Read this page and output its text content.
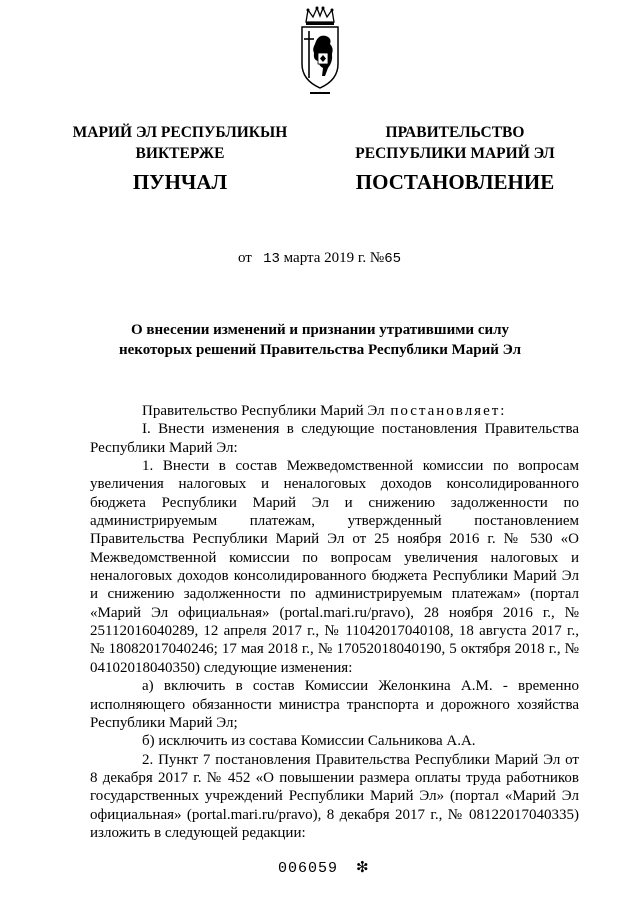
МАРИЙ ЭЛ РЕСПУБЛИКЫН
ВИКТЕРЖЕ
ПРАВИТЕЛЬСТВО
РЕСПУБЛИКИ МАРИЙ ЭЛ
ПУНЧАЛ	ПОСТАНОВЛЕНИЕ
от 13 марта 2019 г. №65
О внесении изменений и признании утратившими силу
некоторых решений Правительства Республики Марий Эл

Правительство Республики Марий Эл постановляет:

I. Внести изменения в следующие постановления Правительства Республики Марий Эл:

1. Внести в состав Межведомственной комиссии по вопросам увеличения налоговых и неналоговых доходов консолидированного бюджета Республики Марий Эл и снижению задолженности по администрируемым платежам, утвержденный постановлением Правительства Республики Марий Эл от 25 ноября 2016 г. № 530 «О Межведомственной комиссии по вопросам увеличения налоговых и неналоговых доходов консолидированного бюджета Республики Марий Эл и снижению задолженности по администрируемым платежам» (портал «Марий Эл официальная» (portal.mari.ru/pravo), 28 ноября 2016 г., № 25112016040289, 12 апреля 2017 г., № 11042017040108, 18 августа 2017 г., № 18082017040246; 17 мая 2018 г., № 17052018040190, 5 октября 2018 г., № 04102018040350) следующие изменения:

а) включить в состав Комиссии Желонкина А.М. - временно исполняющего обязанности министра транспорта и дорожного хозяйства Республики Марий Эл;

б) исключить из состава Комиссии Сальникова А.А.

2. Пункт 7 постановления Правительства Республики Марий Эл от 8 декабря 2017 г. № 452 «О повышении размера оплаты труда работников государственных учреждений Республики Марий Эл» (портал «Марий Эл официальная» (portal.mari.ru/pravo), 8 декабря 2017 г., № 08122017040335) изложить в следующей редакции:

006059 ❇
